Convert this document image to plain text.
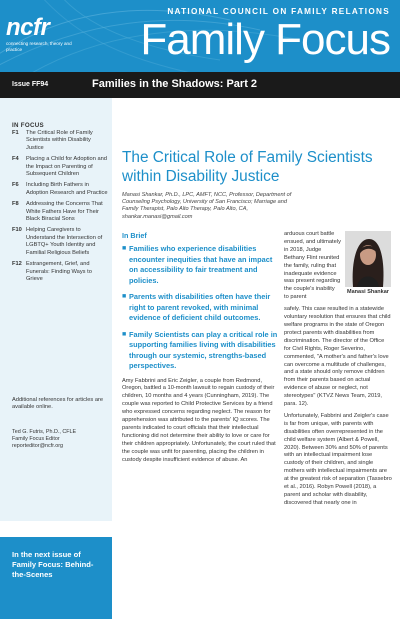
ncfr
connecting research, theory and practice
NATIONAL COUNCIL ON FAMILY RELATIONS
Family Focus
Issue FF94	Families in the Shadows: Part 2
IN FOCUS
F1	The Critical Role of Family Scientists within Disability Justice
F4	Placing a Child for Adoption and the Impact on Parenting of Subsequent Children
F6	Including Birth Fathers in Adoption Research and Practice
F8	Addressing the Concerns That White Fathers Have for Their Black Biracial Sons
F10 Helping Caregivers to Understand the Intersection of LGBTQ+ Youth Identity and Familial Religious Beliefs
F12 Estrangement, Grief, and Funerals: Finding Ways to Grieve
Additional references for articles are available online.
Ted G. Futris, Ph.D., CFLE
Family Focus Editor
reporteditor@ncfr.org
In the next issue of Family Focus: Behind-the-Scenes
The Critical Role of Family Scientists within Disability Justice
Manasi Shankar, Ph.D., LPC, AMFT, NCC, Professor, Department of Counseling Psychology, University of San Francisco; Marriage and Family Therapist, Palo Alto Therapy, Palo Alto, CA, shankar.manasi@gmail.com
In Brief
■ Families who experience disabilities encounter inequities that have an impact on accessibility to fair treatment and policies.
■ Parents with disabilities often have their right to parent revoked, with minimal evidence of deficient child outcomes.
■ Family Scientists can play a critical role in supporting families living with disabilities through our systemic, strengths-based perspectives.

Amy Fabbrini and Eric Zeigler, a couple from Redmond, Oregon, battled a 10-month lawsuit to regain custody of their children, 10 months and 4 years (Cunningham, 2019). The couple was reported to Child Protective Services by a friend who expressed concerns regarding neglect. The reason for apprehension was attributed to the parents' IQ scores. The parents indicated to court officials that their intellectual functioning did not determine their ability to love or care for their children appropriately. Unfortunately, the court ruled that the couple was unfit for parenting, placing the children in custody despite insufficient evidence of abuse. An

arduous court battle ensued, and ultimately in 2018, Judge Bethany Flint reunited the family, ruling that inadequate evidence was present regarding the couple's inability to parent

Manasi Shankar

safely. This case resulted in a statewide voluntary resolution that ensures that child welfare programs in the state of Oregon protect parents with disabilities from discrimination. The director of the Office for Civil Rights, Roger Severino, commented, "A mother's and father's love can overcome a multitude of challenges, and a state should only remove children from their parents based on actual evidence of abuse or neglect, not stereotypes" (KTVZ News Team, 2019, para. 12).

Unfortunately, Fabbrini and Zeigler's case is far from unique, with parents with disabilities often overrepresented in the child welfare system (Albert & Powell, 2020). Between 30% and 50% of parents with an intellectual impairment lose custody of their children, and single mothers with intellectual impairments are at the greatest risk of separation (Tassebro et al., 2016). Robyn Powell (2018), a parent and scholar with disability, discovered that nearly one in
